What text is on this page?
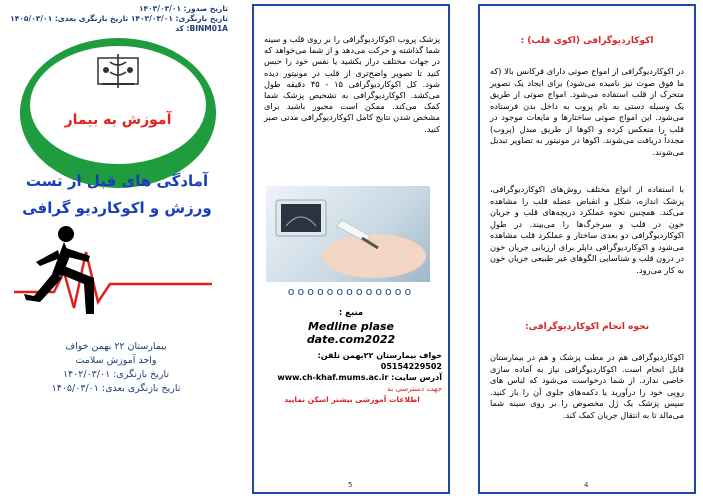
تاریخ صدور: ۱۴۰۳/۰۳/۰۱
تاریخ بازنگری: ۱۴۰۳/۰۳/۰۱ تاریخ بازنگری بعدی: ۱۴۰۵/۰۳/۰۱
BINM01A: کد
آموزش به بیمار
آمادگی های قبل از تست ورزش و اکوکاردیو گرافی
بیمارستان ۲۲ بهمن خواف
واحد آموزش سلامت
تاریخ بازنگری: ۱۴۰۲/۰۳/۰۱
تاریخ بازنگری بعدی: ۱۴۰۵/۰۳/۰۱
پزشک پروب اکوکاردیوگرافی را بر روی قلب و سینه شما گذاشته و حرکت می‌دهد و از شما می‌خواهد که در جهات مختلف دراز بکشید یا نفس خود را حبس کنید تا تصویر واضح‌تری از قلب در مونیتور دیده شود. کل اکوکاردیوگرافی ۱۵ - ۴۵ دقیقه طول می‌کشد. اکوکاردیوگرافی به تشخیص پزشک شما کمک می‌کند. ممکن است مجبور باشید برای مشخص شدن نتایج کامل اکوکاردیوگرافی مدتی صبر کنید.
ooooooooooooo
منبع :
Medline plase date.com2022
خواف بیمارستان ۲۲بهمن تلفن: 05154229502
آدرس سایت: www.ch-khaf.mums.ac.ir جهت دسترسی به
اطلاعات آموزشی بیشتر اسکن نمایید
5
اکوکاردیوگرافی (اکوی قلب) :
در اکوکاردیوگرافی از امواج صوتی دارای فرکانس بالا (که ما فوق صوت نیز نامیده می‌شود) برای ایجاد یک تصویر متحرک از قلب استفاده می‌شود. امواج صوتی از طریق یک وسیله دستی به نام پروب به داخل بدن فرستاده می‌شود. این امواج صوتی ساختارها و مایعات موجود در قلب را منعکس کرده و اکوها از طریق مبدل (پروب) مجدداً دریافت می‌شوند. اکوها در مونیتور به تصاویر تبدیل می‌شوند.
با استفاده از انواع مختلف روش‌های اکوکاردیوگرافی، پزشک اندازه، شکل و انقباض عضله قلب را مشاهده می‌کند. همچنین نحوه عملکرد دریچه‌های قلب و جریان خون در قلب و سرخرگ‌ها را می‌بیند. در طول اکوکاردیوگرافی دو بعدی ساختار و عملکرد قلب مشاهده می‌شود و اکوکاردیوگرافی داپلر برای ارزیابی جریان خون در درون قلب و شناسایی الگوهای غیر طبیعی جریان خون به کار می‌رود.
نحوه انجام اکوکاردیوگرافی:
اکوکاردیوگرافی هم در مطب پزشک و هم در بیمارستان قابل انجام است. اکوکاردیوگرافی نیاز به آماده سازی خاصی ندارد. از شما درخواست می‌شود که لباس های رویی خود را درآورید یا دکمه‌های جلوی آن را باز کنید. سپس پزشک یک ژل مخصوص را بر روی سینه شما می‌مالد تا به انتقال جریان کمک کند.
4
